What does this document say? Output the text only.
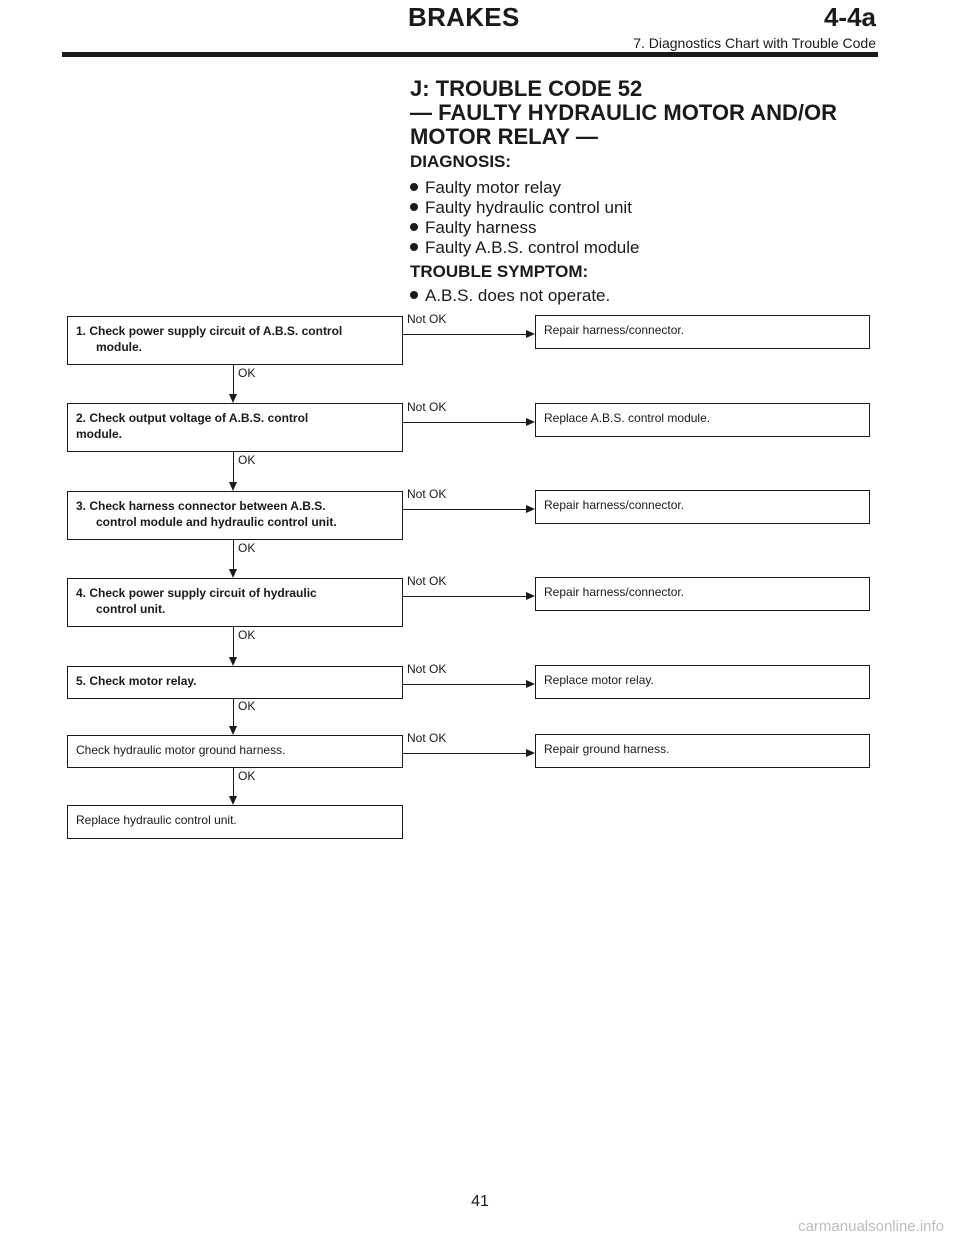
BRAKES	4-4a
7. Diagnostics Chart with Trouble Code
J: TROUBLE CODE 52
— FAULTY HYDRAULIC MOTOR AND/OR
MOTOR RELAY —
DIAGNOSIS:
Faulty motor relay
Faulty hydraulic control unit
Faulty harness
Faulty A.B.S. control module
TROUBLE SYMPTOM:
A.B.S. does not operate.
1. Check power supply circuit of A.B.S. control
module.
2. Check output voltage of A.B.S. control
module.
3. Check harness connector between A.B.S.
control module and hydraulic control unit.
4. Check power supply circuit of hydraulic
control unit.
5. Check motor relay.
Check hydraulic motor ground harness.
Replace hydraulic control unit.
Repair harness/connector.
Replace A.B.S. control module.
Repair harness/connector.
Repair harness/connector.
Replace motor relay.
Repair ground harness.
Not OK
Not OK
Not OK
Not OK
Not OK
Not OK
OK
OK
OK
OK
OK
OK
41
carmanualsonline.info
